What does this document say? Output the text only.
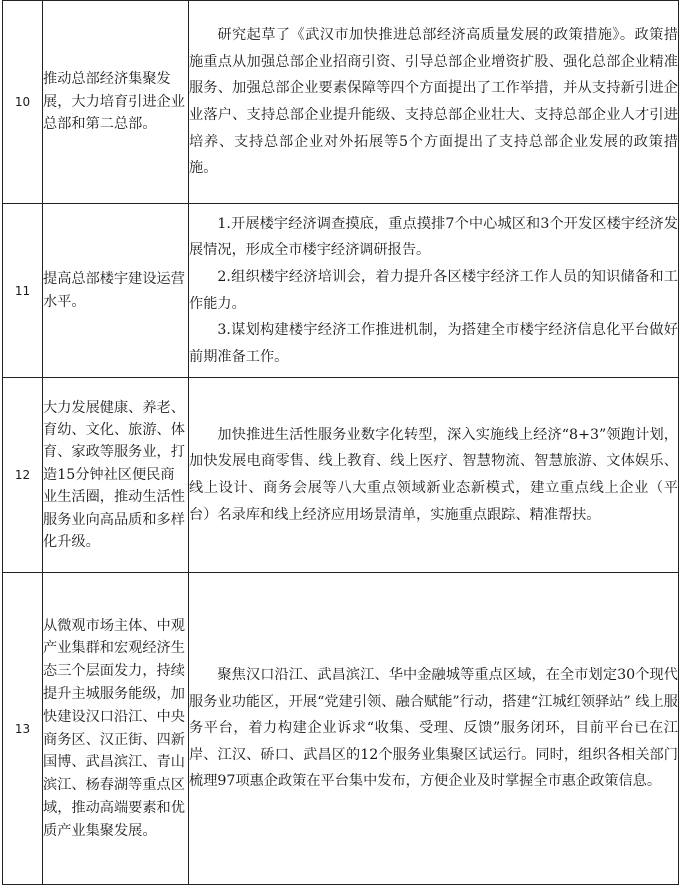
10	推动总部经济集聚发展，大力培育引进企业总部和第二总部。	研究起草了《武汉市加快推进总部经济高质量发展的政策措施》。政策措施重点从加强总部企业招商引资、引导总部企业增资扩股、强化总部企业精准服务、加强总部企业要素保障等四个方面提出了工作举措，并从支持新引进企业落户、支持总部企业提升能级、支持总部企业壮大、支持总部企业人才引进培养、支持总部企业对外拓展等5个方面提出了支持总部企业发展的政策措施。

11	提高总部楼宇建设运营水平。	1.开展楼宇经济调查摸底，重点摸排7个中心城区和3个开发区楼宇经济发展情况，形成全市楼宇经济调研报告。

2.组织楼宇经济培训会，着力提升各区楼宇经济工作人员的知识储备和工作能力。

3.谋划构建楼宇经济工作推进机制，为搭建全市楼宇经济信息化平台做好前期准备工作。

12	大力发展健康、养老、育幼、文化、旅游、体育、家政等服务业，打造15分钟社区便民商业生活圈，推动生活性服务业向高品质和多样化升级。	加快推进生活性服务业数字化转型，深入实施线上经济“8+3”领跑计划，加快发展电商零售、线上教育、线上医疗、智慧物流、智慧旅游、文体娱乐、线上设计、商务会展等八大重点领域新业态新模式，建立重点线上企业（平台）名录库和线上经济应用场景清单，实施重点跟踪、精准帮扶。

13	从微观市场主体、中观产业集群和宏观经济生态三个层面发力，持续提升主城服务能级，加快建设汉口沿江、中央商务区、汉正街、四新国博、武昌滨江、青山滨江、杨春湖等重点区域，推动高端要素和优质产业集聚发展。	聚焦汉口沿江、武昌滨江、华中金融城等重点区域，在全市划定30个现代服务业功能区，开展“党建引领、融合赋能”行动，搭建“江城红领驿站” 线上服务平台，着力构建企业诉求“收集、受理、反馈”服务闭环，目前平台已在江岸、江汉、硚口、武昌区的12个服务业集聚区试运行。同时，组织各相关部门梳理97项惠企政策在平台集中发布，方便企业及时掌握全市惠企政策信息。
